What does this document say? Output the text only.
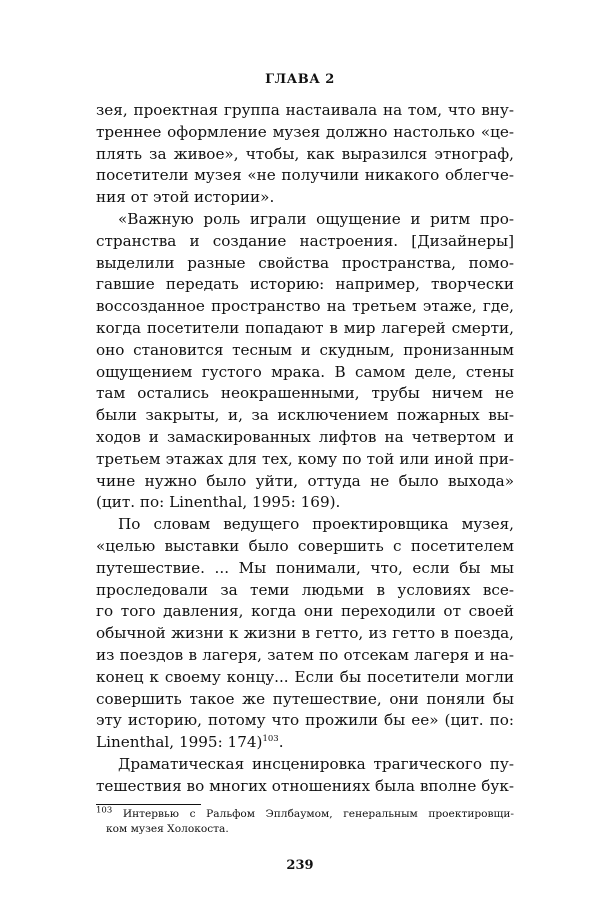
ГЛАВА 2
зея, проектная группа настаивала на том, что вну-
треннее оформление музея должно настолько «це-
плять за живое», чтобы, как выразился этнограф,
посетители музея «не получили никакого облегче-
ния от этой истории».
«Важную роль играли ощущение и ритм про-
странства и создание настроения. [Дизайнеры]
выделили разные свойства пространства, помо-
гавшие передать историю: например, творчески
воссозданное пространство на третьем этаже, где,
когда посетители попадают в мир лагерей смерти,
оно становится тесным и скудным, пронизанным
ощущением густого мрака. В самом деле, стены
там остались неокрашенными, трубы ничем не
были закрыты, и, за исключением пожарных вы-
ходов и замаскированных лифтов на четвертом и
третьем этажах для тех, кому по той или иной при-
чине нужно было уйти, оттуда не было выхода»
(цит. по: Linenthal, 1995: 169).
По словам ведущего проектировщика музея,
«целью выставки было совершить с посетителем
путешествие. ... Мы понимали, что, если бы мы
проследовали за теми людьми в условиях все-
го того давления, когда они переходили от своей
обычной жизни к жизни в гетто, из гетто в поезда,
из поездов в лагеря, затем по отсекам лагеря и на-
конец к своему концу... Если бы посетители могли
совершить такое же путешествие, они поняли бы
эту историю, потому что прожили бы ее» (цит. по:
Linenthal, 1995: 174)$^{103}$.
Драматическая инсценировка трагического пу-
тешествия во многих отношениях была вполне бук-
$^{103}$ Интервью с Ральфом Эплбаумом, генеральным проектировщи-
ком музея Холокоста.
239
